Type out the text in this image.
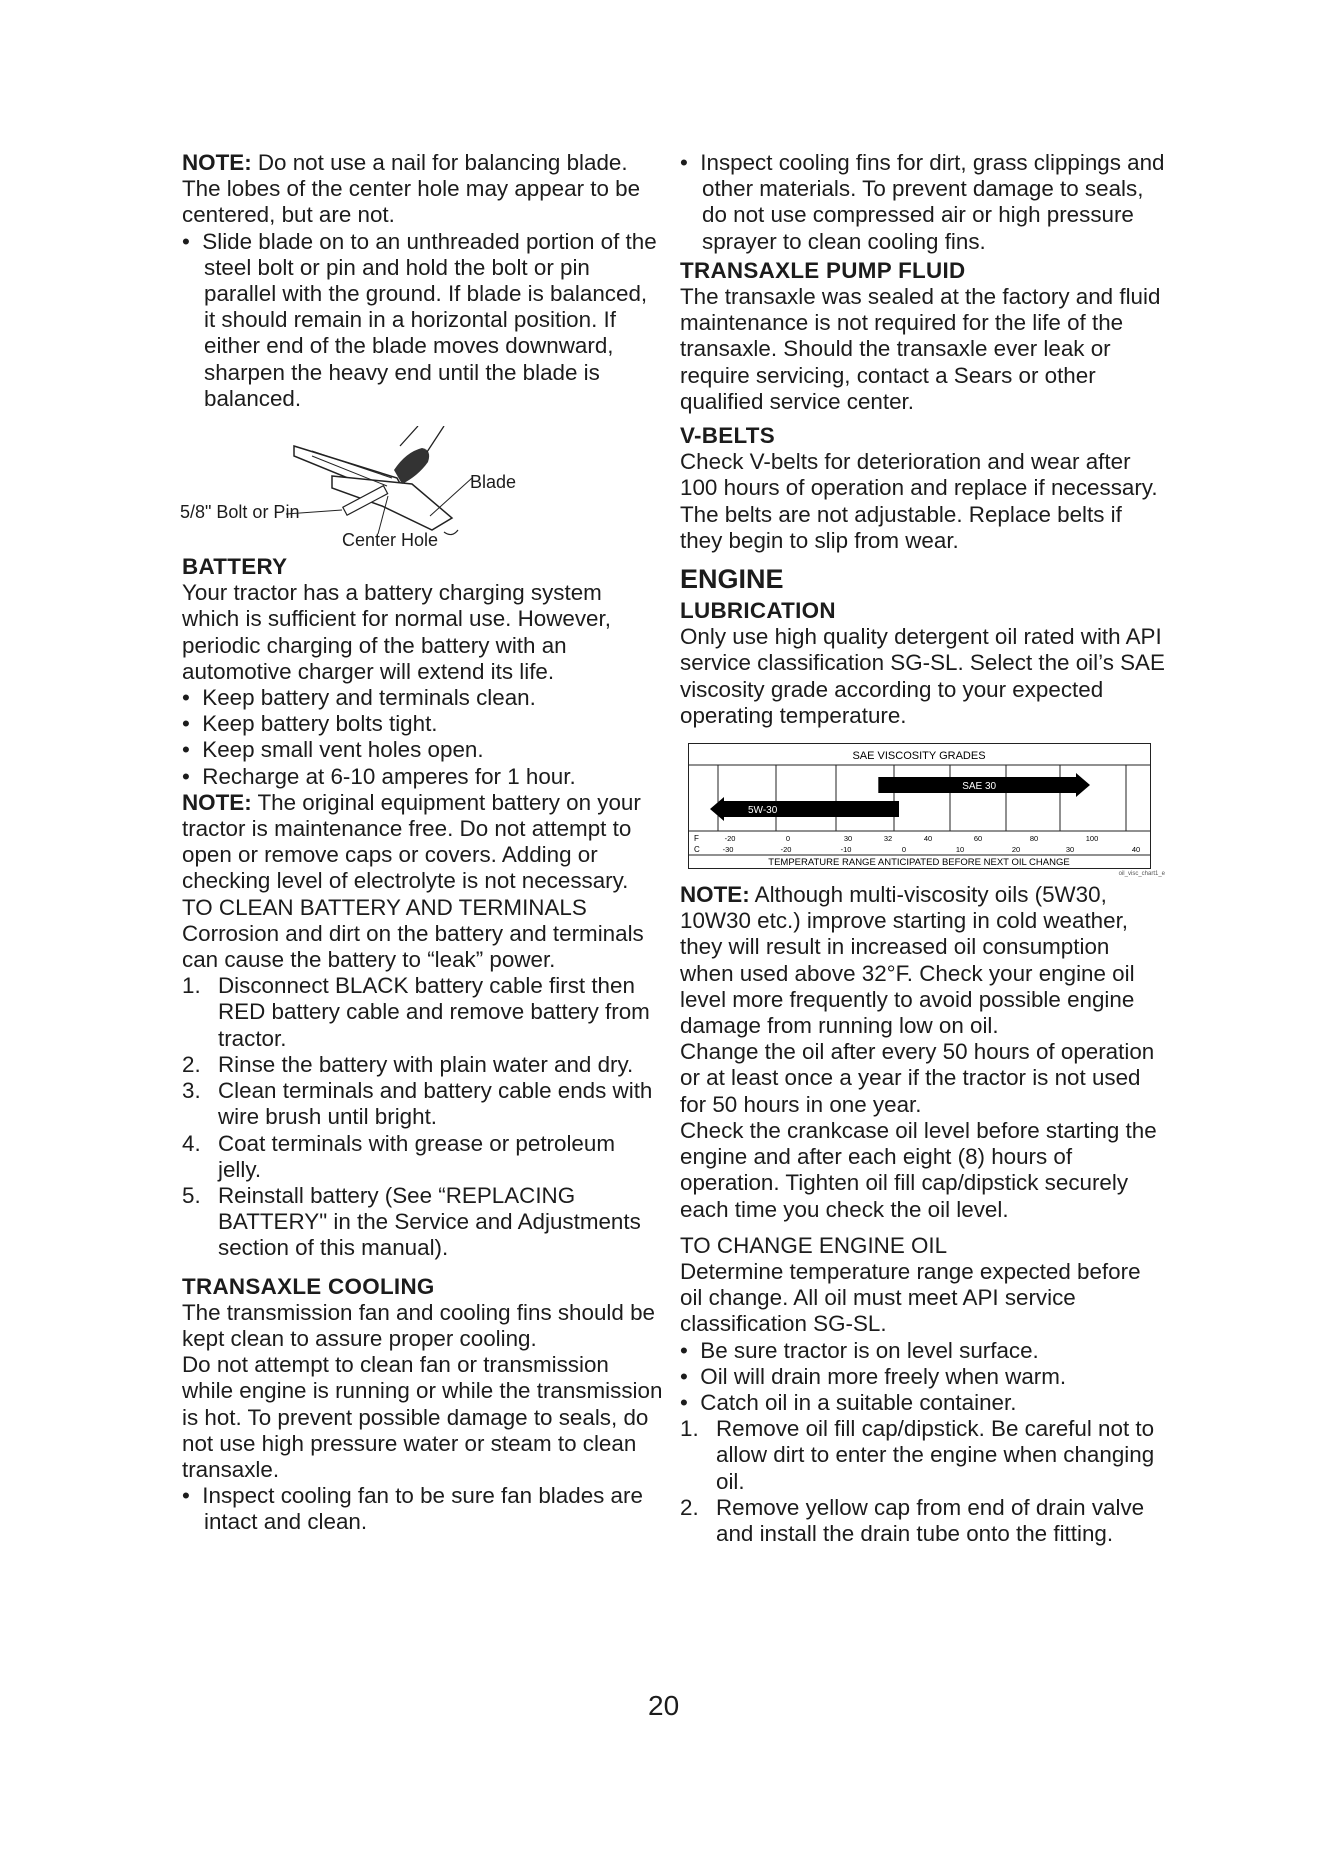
NOTE: Do not use a nail for balancing blade. The lobes of the center hole may appear to be centered, but are not.

•  Slide blade on to an unthreaded portion of the steel bolt or pin and hold the bolt or pin parallel with the ground. If blade is balanced, it should remain in a horizontal position. If either end of the blade moves downward, sharpen the heavy end until the blade is balanced.

5/8" Bolt or Pin
Blade
Center Hole

BATTERY

Your tractor has a battery charging system which is sufficient for normal use. However, periodic charging of the battery with an automotive charger will extend its life.

•  Keep battery and terminals clean.

•  Keep battery bolts tight.

•  Keep small vent holes open.

•  Recharge at 6-10 amperes for 1 hour.

NOTE: The original equipment battery on your tractor is maintenance free. Do not attempt to open or remove caps or covers. Adding or checking level of electrolyte is not necessary.

TO CLEAN BATTERY AND TERMINALS

Corrosion and dirt on the battery and terminals can cause the battery to “leak” power.

1. Disconnect BLACK battery cable first then RED battery cable and remove battery from tractor.

2. Rinse the battery with plain water and dry.

3. Clean terminals and battery cable ends with wire brush until bright.

4. Coat terminals with grease or petroleum jelly.

5. Reinstall battery (See “REPLACING BATTERY" in the Service and Adjustments section of this manual).

TRANSAXLE COOLING

The transmission fan and cooling fins should be kept clean to assure proper cooling.

Do not attempt to clean fan or transmission while engine is running or while the transmission is hot. To prevent possible damage to seals, do not use high pressure water or steam to clean transaxle.

•  Inspect cooling fan to be sure fan blades are intact and clean.

•  Inspect cooling fins for dirt, grass clippings and other materials. To prevent damage to seals, do not use compressed air or high pressure sprayer to clean cooling fins.

TRANSAXLE PUMP FLUID

The transaxle was sealed at the factory and fluid maintenance is not required for the life of the transaxle. Should the transaxle ever leak or require servicing, contact a Sears or other qualified service center.

V-BELTS

Check V-belts for deterioration and wear after 100 hours of operation and replace if necessary. The belts are not adjustable. Replace belts if they begin to slip from wear.

ENGINE

LUBRICATION

Only use high quality detergent oil rated with API service classification SG-SL. Select the oil’s SAE viscosity grade according to your expected operating temperature.

SAE VISCOSITY GRADES
5W-30
SAE 30
F
C
-20	0	30	32	40	60	80	100
-30	-20	-10	0	10	20	30	40
TEMPERATURE RANGE ANTICIPATED BEFORE NEXT OIL CHANGE

oil_visc_chart1_e

NOTE: Although multi-viscosity oils (5W30, 10W30 etc.) improve starting in cold weather, they will result in increased oil consumption when used above 32°F. Check your engine oil level more frequently to avoid possible engine damage from running low on oil.

Change the oil after every 50 hours of operation or at least once a year if the tractor is not used for 50 hours in one year.

Check the crankcase oil level before starting the engine and after each eight (8) hours of operation. Tighten oil fill cap/dipstick securely each time you check the oil level.

TO CHANGE ENGINE OIL

Determine temperature range expected before oil change. All oil must meet API service classification SG-SL.

•  Be sure tractor is on level surface.

•  Oil will drain more freely when warm.

•  Catch oil in a suitable container.

1. Remove oil fill cap/dipstick. Be careful not to allow dirt to enter the engine when changing oil.

2. Remove yellow cap from end of drain valve and install the drain tube onto the fitting.

20
